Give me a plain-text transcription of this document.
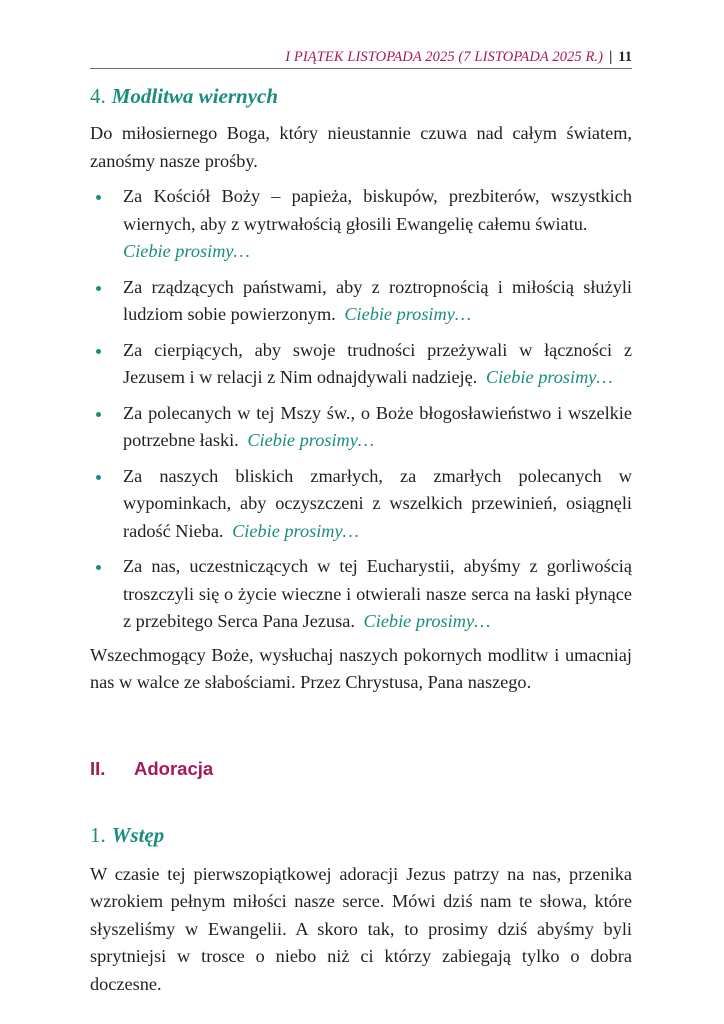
I PIĄTEK LISTOPADA 2025 (7 LISTOPADA 2025 R.) | 11
4. Modlitwa wiernych

Do miłosiernego Boga, który nieustannie czuwa nad całym światem, zanośmy nasze prośby.

Za Kościół Boży – papieża, biskupów, prezbiterów, wszystkich wiernych, aby z wytrwałością głosili Ewangelię całemu światu.
Ciebie prosimy…
Za rządzących państwami, aby z roztropnością i miłością służyli ludziom sobie powierzonym. Ciebie prosimy…
Za cierpiących, aby swoje trudności przeżywali w łączności z Jezusem i w relacji z Nim odnajdywali nadzieję. Ciebie prosimy…
Za polecanych w tej Mszy św., o Boże błogosławieństwo i wszelkie potrzebne łaski. Ciebie prosimy…
Za naszych bliskich zmarłych, za zmarłych polecanych w wypominkach, aby oczyszczeni z wszelkich przewinień, osiągnęli radość Nieba. Ciebie prosimy…
Za nas, uczestniczących w tej Eucharystii, abyśmy z gorliwością troszczyli się o życie wieczne i otwierali nasze serca na łaski płynące z przebitego Serca Pana Jezusa. Ciebie prosimy…

Wszechmogący Boże, wysłuchaj naszych pokornych modlitw i umacniaj nas w walce ze słabościami. Przez Chrystusa, Pana naszego.

II. Adoracja
1. Wstęp

W czasie tej pierwszopiątkowej adoracji Jezus patrzy na nas, przenika wzrokiem pełnym miłości nasze serce. Mówi dziś nam te słowa, które słyszeliśmy w Ewangelii. A skoro tak, to prosimy dziś abyśmy byli sprytniejsi w trosce o niebo niż ci którzy zabiegają tylko o dobra doczesne.
